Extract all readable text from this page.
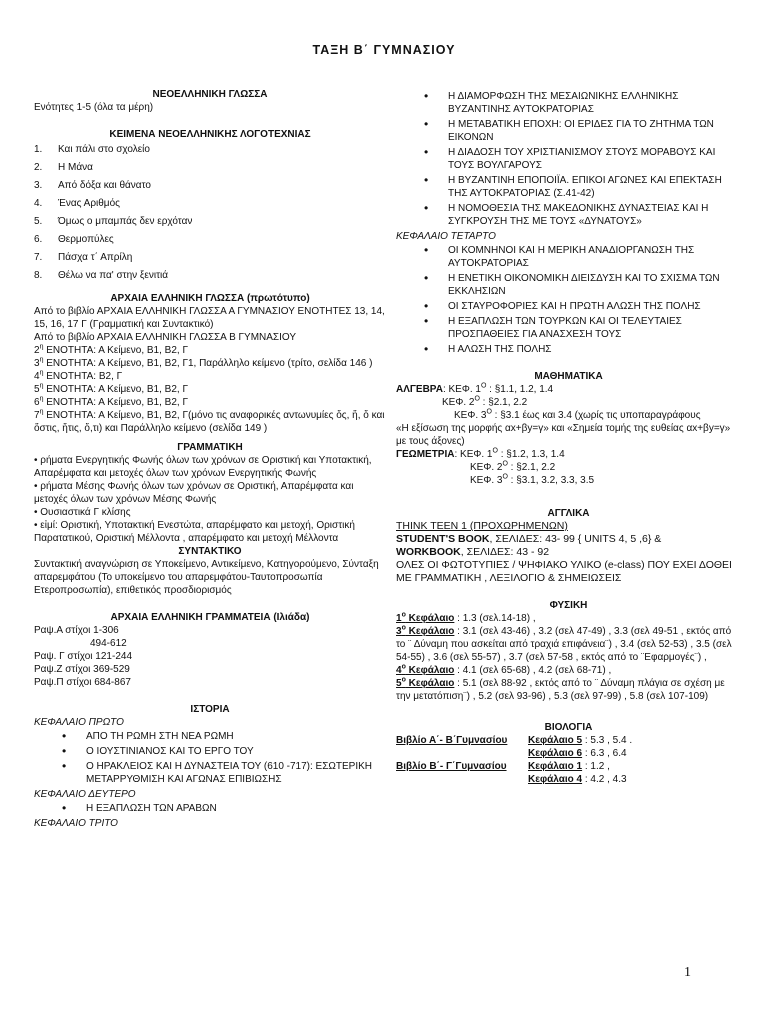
ΤΑΞΗ Β΄ ΓΥΜΝΑΣΙΟΥ

ΝΕΟΕΛΛΗΝΙΚΗ ΓΛΩΣΣΑ

Ενότητες 1-5 (όλα τα μέρη)

ΚΕΙΜΕΝΑ ΝΕΟΕΛΛΗΝΙΚΗΣ ΛΟΓΟΤΕΧΝΙΑΣ

1.	Και πάλι στο σχολείο
2.	Η Μάνα
3.	Από δόξα και θάνατο
4.	Ένας Αριθμός
5.	Όμως ο μπαμπάς δεν ερχόταν
6.	Θερμοπύλες
7.	Πάσχα τ΄ Απρίλη
8.	Θέλω να πα' στην ξενιτιά

ΑΡΧΑΙΑ ΕΛΛΗΝΙΚΗ ΓΛΩΣΣΑ (πρωτότυπο)

Από το βιβλίο ΑΡΧΑΙΑ ΕΛΛΗΝΙΚΗ ΓΛΩΣΣΑ Α ΓΥΜΝΑΣΙΟΥ ΕΝΟΤΗΤΕΣ 13, 14, 15, 16, 17 Γ (Γραμματική και Συντακτικό)

Από το βιβλίο ΑΡΧΑΙΑ ΕΛΛΗΝΙΚΗ ΓΛΩΣΣΑ Β ΓΥΜΝΑΣΙΟΥ

$2^\eta$ ΕΝΟΤΗΤΑ: Α Κείμενο, Β1, Β2, Γ

$3^\eta$ ΕΝΟΤΗΤΑ: Α Κείμενο, Β1, Β2, Γ1, Παράλληλο κείμενο (τρίτο, σελίδα 146 )

$4^\eta$ ΕΝΟΤΗΤΑ: Β2, Γ

$5^\eta$ ΕΝΟΤΗΤΑ: Α Κείμενο, Β1, Β2, Γ

$6^\eta$ ΕΝΟΤΗΤΑ: Α Κείμενο, Β1, Β2, Γ

$7^\eta$ ΕΝΟΤΗΤΑ: Α Κείμενο, Β1, Β2, Γ(μόνο τις αναφορικές αντωνυμίες ὅς, ἥ, ὅ και ὅστις, ἥτις, ὅ,τι) και Παράλληλο κείμενο (σελίδα 149 )

ΓΡΑΜΜΑΤΙΚΗ

• ρήματα Ενεργητικής Φωνής όλων των χρόνων σε Οριστική και Υποτακτική, Απαρέμφατα και μετοχές όλων των χρόνων Ενεργητικής Φωνής

• ρήματα Μέσης Φωνής όλων των χρόνων σε Οριστική, Απαρέμφατα και μετοχές όλων των χρόνων Μέσης Φωνής

• Ουσιαστικά Γ κλίσης

• εἰμί: Οριστική, Υποτακτική Ενεστώτα, απαρέμφατο και μετοχή, Οριστική Παρατατικού, Οριστική Μέλλοντα , απαρέμφατο και μετοχή Μέλλοντα

ΣΥΝΤΑΚΤΙΚΟ

Συντακτική αναγνώριση σε Υποκείμενο, Αντικείμενο, Κατηγορούμενο, Σύνταξη απαρεμφάτου (Το υποκείμενο του απαρεμφάτου-Ταυτοπροσωπία Ετεροπροσωπία), επιθετικός προσδιορισμός

ΑΡΧΑΙΑ ΕΛΛΗΝΙΚΗ ΓΡΑΜΜΑΤΕΙΑ (Ιλιάδα)

Ραψ.Α στίχοι 1-306

494-612

Ραψ. Γ στίχοι 121-244

Ραψ.Ζ στίχοι 369-529

Ραψ.Π στίχοι 684-867

ΙΣΤΟΡΙΑ

ΚΕΦΑΛΑΙΟ ΠΡΩΤΟ

• ΑΠΟ ΤΗ ΡΩΜΗ ΣΤΗ ΝΕΑ ΡΩΜΗ
• Ο ΙΟΥΣΤΙΝΙΑΝΟΣ ΚΑΙ ΤΟ ΕΡΓΟ ΤΟΥ
• Ο ΗΡΑΚΛΕΙΟΣ ΚΑΙ Η ΔΥΝΑΣΤΕΙΑ ΤΟΥ (610 -717): ΕΣΩΤΕΡΙΚΗ ΜΕΤΑΡΡΥΘΜΙΣΗ ΚΑΙ ΑΓΩΝΑΣ ΕΠΙΒΙΩΣΗΣ

ΚΕΦΑΛΑΙΟ ΔΕΥΤΕΡΟ

• Η ΕΞΑΠΛΩΣΗ ΤΩΝ ΑΡΑΒΩΝ

ΚΕΦΑΛΑΙΟ ΤΡΙΤΟ

• Η ΔΙΑΜΟΡΦΩΣΗ ΤΗΣ ΜΕΣΑΙΩΝΙΚΗΣ ΕΛΛΗΝΙΚΗΣ ΒΥΖΑΝΤΙΝΗΣ ΑΥΤΟΚΡΑΤΟΡΙΑΣ
• Η ΜΕΤΑΒΑΤΙΚΗ ΕΠΟΧΗ: ΟΙ ΕΡΙΔΕΣ ΓΙΑ ΤΟ ΖΗΤΗΜΑ ΤΩΝ ΕΙΚΟΝΩΝ
• Η ΔΙΑΔΟΣΗ ΤΟΥ ΧΡΙΣΤΙΑΝΙΣΜΟΥ ΣΤΟΥΣ ΜΟΡΑΒΟΥΣ ΚΑΙ ΤΟΥΣ ΒΟΥΛΓΑΡΟΥΣ
• Η ΒΥΖΑΝΤΙΝΗ ΕΠΟΠΟΙΪΑ. ΕΠΙΚΟΙ ΑΓΩΝΕΣ ΚΑΙ ΕΠΕΚΤΑΣΗ ΤΗΣ ΑΥΤΟΚΡΑΤΟΡΙΑΣ (Σ.41-42)
• Η ΝΟΜΟΘΕΣΙΑ ΤΗΣ ΜΑΚΕΔΟΝΙΚΗΣ ΔΥΝΑΣΤΕΙΑΣ ΚΑΙ Η ΣΥΓΚΡΟΥΣΗ ΤΗΣ ΜΕ ΤΟΥΣ «ΔΥΝΑΤΟΥΣ»

ΚΕΦΑΛΑΙΟ ΤΕΤΑΡΤΟ

• ΟΙ ΚΟΜΝΗΝΟΙ ΚΑΙ Η ΜΕΡΙΚΗ ΑΝΑΔΙΟΡΓΑΝΩΣΗ ΤΗΣ ΑΥΤΟΚΡΑΤΟΡΙΑΣ
• Η ΕΝΕΤΙΚΗ ΟΙΚΟΝΟΜΙΚΗ ΔΙΕΙΣΔΥΣΗ ΚΑΙ ΤΟ ΣΧΙΣΜΑ ΤΩΝ ΕΚΚΛΗΣΙΩΝ
• ΟΙ ΣΤΑΥΡΟΦΟΡΙΕΣ ΚΑΙ Η ΠΡΩΤΗ ΑΛΩΣΗ ΤΗΣ ΠΟΛΗΣ
• Η ΕΞΑΠΛΩΣΗ ΤΩΝ ΤΟΥΡΚΩΝ ΚΑΙ ΟΙ ΤΕΛΕΥΤΑΙΕΣ ΠΡΟΣΠΑΘΕΙΕΣ ΓΙΑ ΑΝΑΣΧΕΣΗ ΤΟΥΣ
• Η ΑΛΩΣΗ ΤΗΣ ΠΟΛΗΣ

ΜΑΘΗΜΑΤΙΚΑ

ΑΛΓΕΒΡΑ: ΚΕΦ. $1^O$ : §1.1, 1.2, 1.4

ΚΕΦ. $2^O$ : §2.1, 2.2

ΚΕΦ. $3^O$ : §3.1 έως και 3.4 (χωρίς τις υποπαραγράφους

«Η εξίσωση της μορφής αx+βy=γ» και «Σημεία τομής της ευθείας αx+βy=γ» με τους άξονες)

ΓΕΩΜΕΤΡΙΑ: ΚΕΦ. $1^O$ : §1.2, 1.3, 1.4

ΚΕΦ. $2^O$ : §2.1, 2.2

ΚΕΦ. $3^O$ : §3.1, 3.2, 3.3, 3.5

ΑΓΓΛΙΚΑ

THINK TEEN 1 (ΠΡΟΧΩΡΗΜΕΝΩΝ)

STUDENT'S BOOK, ΣΕΛΙΔΕΣ: 43- 99 { UNITS 4, 5 ,6} &

WORKBOOK, ΣΕΛΙΔΕΣ: 43 - 92

ΟΛΕΣ ΟΙ ΦΩΤΟΤΥΠΙΕΣ / ΨΗΦΙΑΚΟ ΥΛΙΚΟ (e-class) ΠΟΥ ΕΧΕΙ ΔΟΘΕΙ ΜΕ ΓΡΑΜΜΑΤΙΚΗ , ΛΕΞΙΛΟΓΙΟ & ΣΗΜΕΙΩΣΕΙΣ

ΦΥΣΙΚΗ

$1^o$ Κεφάλαιο : 1.3 (σελ.14-18) ,

$3^o$ Κεφάλαιο : 3.1 (σελ 43-46) , 3.2 (σελ 47-49) , 3.3 (σελ 49-51 , εκτός από το ¨ Δύναμη που ασκείται από τραχιά επιφάνεια¨) , 3.4 (σελ 52-53) , 3.5 (σελ 54-55) , 3.6 (σελ 55-57) , 3.7 (σελ 57-58 , εκτός από το ¨Εφαρμογές¨) ,

$4^o$ Κεφάλαιο : 4.1 (σελ 65-68) , 4.2 (σελ 68-71) ,

$5^o$ Κεφάλαιο : 5.1 (σελ 88-92 , εκτός από το ¨ Δύναμη πλάγια σε σχέση με την μετατόπιση¨) , 5.2 (σελ 93-96) , 5.3 (σελ 97-99) , 5.8 (σελ 107-109)

ΒΙΟΛΟΓΙΑ

Βιβλίο Α΄- Β΄Γυμνασίου	Κεφάλαιο 5 : 5.3 , 5.4 .
Κεφάλαιο 6 : 6.3 , 6.4
Βιβλίο Β΄- Γ΄Γυμνασίου	Κεφάλαιο 1 : 1.2 ,
Κεφάλαιο 4 : 4.2 , 4.3
1
